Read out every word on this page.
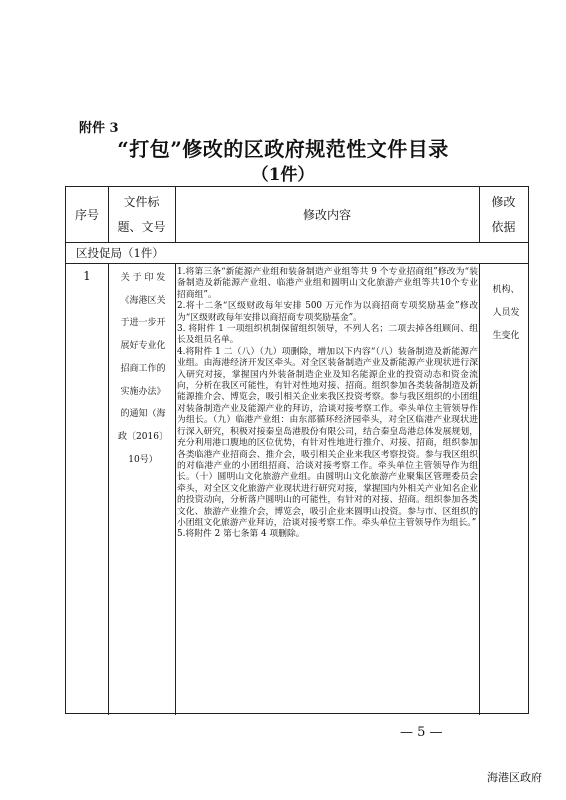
附件 3
“打包”修改的区政府规范性文件目录
（1件）
序号
文件标
题、文号
修改内容
修改
依据
区投促局（1件）
1	关 于 印 发
《海港区关
于进一步开
展好专业化
招商工作的
实施办法》
的通知（海
政〔2016〕
10号）

1.将第三条“新能源产业组和装备制造产业组等共 9 个专业招商组”修改为“装备制造及新能源产业组、临港产业组和圆明山文化旅游产业组等共10个专业招商组”。

2.将十二条“区级财政每年安排 500 万元作为以商招商专项奖励基金”修改为“区级财政每年安排以商招商专项奖励基金”。

3. 将附件 1 一项组织机制保留组织领导，不列人名；二项去掉各组顾问、组长及组员名单。

4.将附件 1 二（八）（九）项删除，增加以下内容“（八）装备制造及新能源产业组。由海港经济开发区牵头。对全区装备制造产业及新能源产业现状进行深入研究对接，掌握国内外装备制造企业及知名能源企业的投资动态和资金流向，分析在我区可能性，有针对性地对接、招商。组织参加各类装备制造及新能源推介会、博览会，吸引相关企业来我区投资考察。参与我区组织的小团组对装备制造产业及能源产业的拜访，洽谈对接考察工作。牵头单位主管领导作为组长。（九）临港产业组：由东部循环经济园牵头，对全区临港产业现状进行深入研究，积极对接秦皇岛港股份有限公司，结合秦皇岛港总体发展规划，充分利用港口腹地的区位优势，有针对性地进行推介、对接、招商，组织参加各类临港产业招商会、推介会，吸引相关企业来我区考察投资。参与我区组织的对临港产业的小团组招商、洽谈对接考察工作。牵头单位主管领导作为组长。（十）圆明山文化旅游产业组。由圆明山文化旅游产业聚集区管理委员会牵头，对全区文化旅游产业现状进行研究对接，掌握国内外相关产业知名企业的投资动向，分析落户圆明山的可能性，有针对的对接、招商。组织参加各类文化、旅游产业推介会，博览会，吸引企业来圆明山投资。参与市、区组织的小团组文化旅游产业拜访，洽谈对接考察工作。牵头单位主管领导作为组长。”

5.将附件 2 第七条第 4 项删除。

机构、
人员发
生变化
— 5 —
海港区政府
